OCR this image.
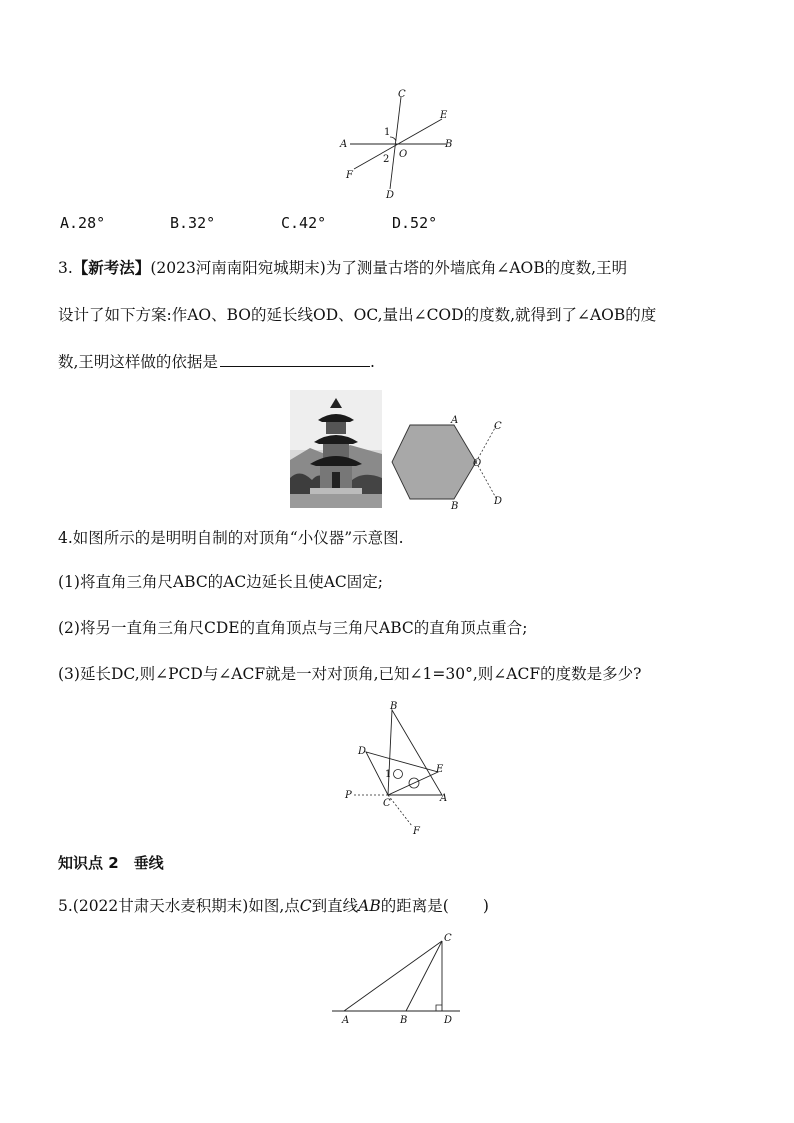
C
E
A	B
O
F
D
1
2
A.28°	B.32°	C.42°	D.52°
3.【新考法】(2023河南南阳宛城期末)为了测量古塔的外墙底角∠AOB的度数,王明
设计了如下方案:作AO、BO的延长线OD、OC,量出∠COD的度数,就得到了∠AOB的度
数,王明这样做的依据是	.
A
C
O
B	D
4.如图所示的是明明自制的对顶角“小仪器”示意图.
(1)将直角三角尺ABC的AC边延长且使AC固定;
(2)将另一直角三角尺CDE的直角顶点与三角尺ABC的直角顶点重合;
(3)延长DC,则∠PCD与∠ACF就是一对对顶角,已知∠1=30°,则∠ACF的度数是多少?
B
D
E
1
P
C	A
F
知识点 2　垂线
5.(2022甘肃天水麦积期末)如图,点C到直线AB的距离是( )
C
A	B	D
